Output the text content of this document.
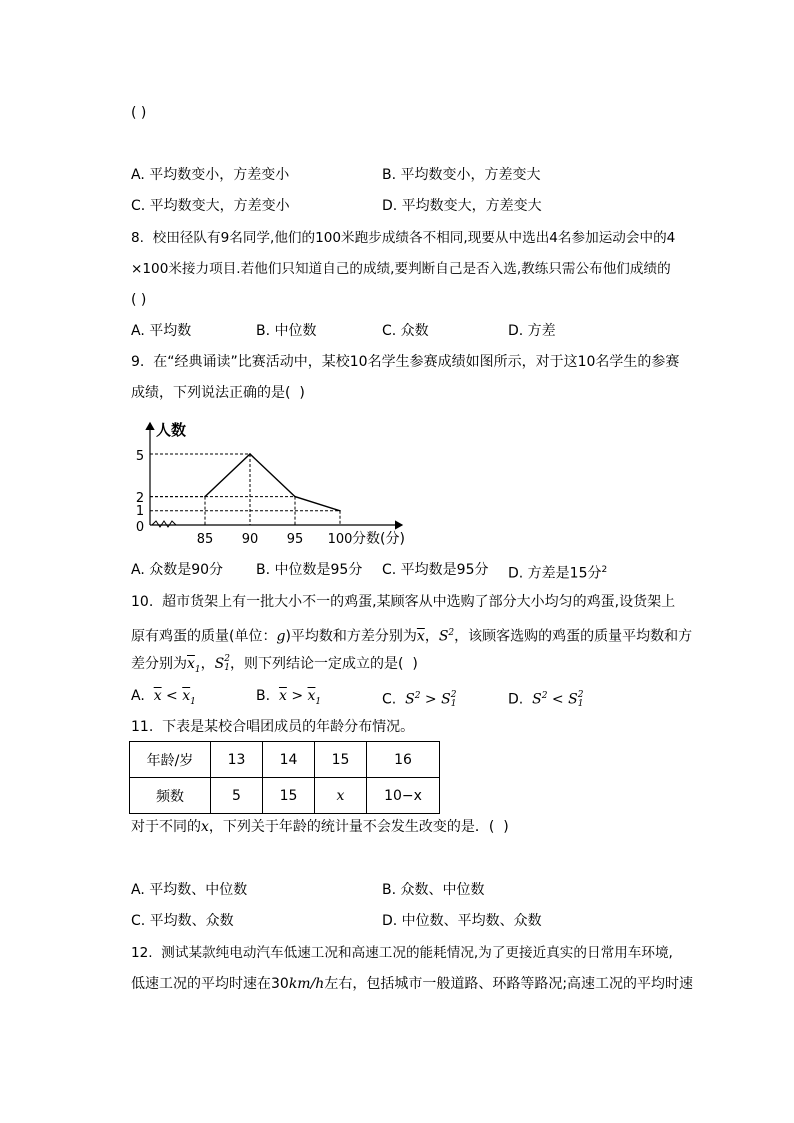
( )
A. 平均数变小，方差变小	B. 平均数变小，方差变大
C. 平均数变大，方差变小	D. 平均数变大，方差变大
8.  校田径队有9名同学,他们的100米跑步成绩各不相同,现要从中选出4名参加运动会中的4
×100米接力项目.若他们只知道自己的成绩,要判断自己是否入选,教练只需公布他们成绩的
( )
A. 平均数	B. 中位数	C. 众数	D. 方差
9.  在“经典诵读”比赛活动中，某校10名学生参赛成绩如图所示，对于这10名学生的参赛
成绩，下列说法正确的是(  )
人数
分数(分)
5
2
1
0
85 90 95 100
A. 众数是90分 B. 中位数是95分 C. 平均数是95分 D. 方差是15分$^2$
10.  超市货架上有一批大小不一的鸡蛋,某顾客从中选购了部分大小均匀的鸡蛋,设货架上
原有鸡蛋的质量(单位：g)平均数和方差分别为$\overline{x}$，$S^2$，该顾客选购的鸡蛋的质量平均数和方
差分别为$\overline{x}_1$，S 2
1 ，则下列结论一定成立的是(  )
A. $\overline{x} < \overline{x}_1$	B. $\overline{x} > \overline{x}_1$	C. $S^2 > S$ 2
1	D. $S^2 < S$ 2
1
11.  下表是某校合唱团成员的年龄分布情况。
年龄/岁	13	14	15	16
频数	5	15	x	10−x
对于不同的x，下列关于年龄的统计量不会发生改变的是．(  )
A. 平均数、中位数	B. 众数、中位数
C. 平均数、众数	D. 中位数、平均数、众数
12.  测试某款纯电动汽车低速工况和高速工况的能耗情况,为了更接近真实的日常用车环境,
低速工况的平均时速在30km/h左右，包括城市一般道路、环路等路况;高速工况的平均时速
